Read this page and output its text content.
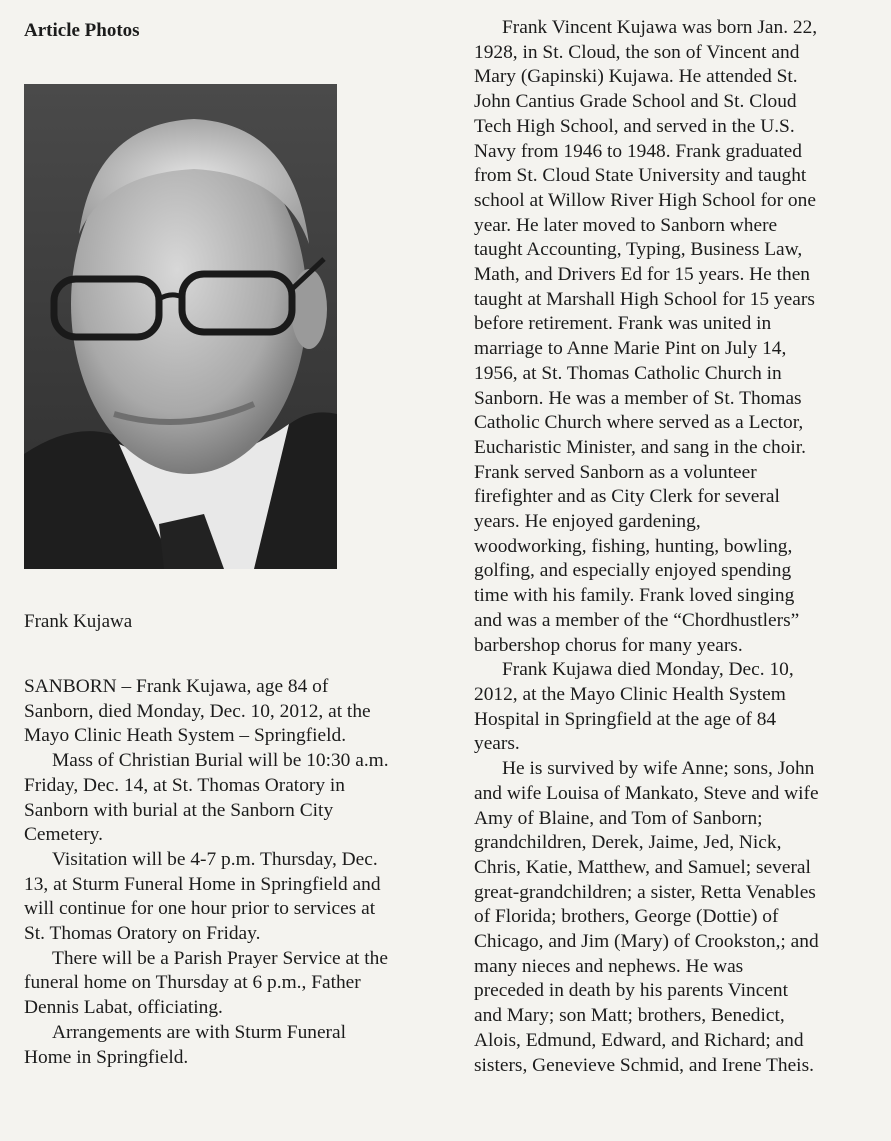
Article Photos
Frank Kujawa

SANBORN – Frank Kujawa, age 84 of

Sanborn, died Monday, Dec. 10, 2012, at the

Mayo Clinic Heath System – Springfield.

Mass of Christian Burial will be 10:30 a.m.

Friday, Dec. 14, at St. Thomas Oratory in

Sanborn with burial at the Sanborn City

Cemetery.

Visitation will be 4-7 p.m. Thursday, Dec.

13, at Sturm Funeral Home in Springfield and

will continue for one hour prior to services at

St. Thomas Oratory on Friday.

There will be a Parish Prayer Service at the

funeral home on Thursday at 6 p.m., Father

Dennis Labat, officiating.

Arrangements are with Sturm Funeral

Home in Springfield.

Frank Vincent Kujawa was born Jan. 22,

1928, in St. Cloud, the son of Vincent and

Mary (Gapinski) Kujawa. He attended St.

John Cantius Grade School and St. Cloud

Tech High School, and served in the U.S.

Navy from 1946 to 1948. Frank graduated

from St. Cloud State University and taught

school at Willow River High School for one

year. He later moved to Sanborn where

taught Accounting, Typing, Business Law,

Math, and Drivers Ed for 15 years. He then

taught at Marshall High School for 15 years

before retirement. Frank was united in

marriage to Anne Marie Pint on July 14,

1956, at St. Thomas Catholic Church in

Sanborn. He was a member of St. Thomas

Catholic Church where served as a Lector,

Eucharistic Minister, and sang in the choir.

Frank served Sanborn as a volunteer

firefighter and as City Clerk for several

years. He enjoyed gardening,

woodworking, fishing, hunting, bowling,

golfing, and especially enjoyed spending

time with his family. Frank loved singing

and was a member of the “Chordhustlers”

barbershop chorus for many years.

Frank Kujawa died Monday, Dec. 10,

2012, at the Mayo Clinic Health System

Hospital in Springfield at the age of 84

years.

He is survived by wife Anne; sons, John

and wife Louisa of Mankato, Steve and wife

Amy of Blaine, and Tom of Sanborn;

grandchildren, Derek, Jaime, Jed, Nick,

Chris, Katie, Matthew, and Samuel; several

great-grandchildren; a sister, Retta Venables

of Florida; brothers, George (Dottie) of

Chicago, and Jim (Mary) of Crookston,; and

many nieces and nephews. He was

preceded in death by his parents Vincent

and Mary; son Matt; brothers, Benedict,

Alois, Edmund, Edward, and Richard; and

sisters, Genevieve Schmid, and Irene Theis.
